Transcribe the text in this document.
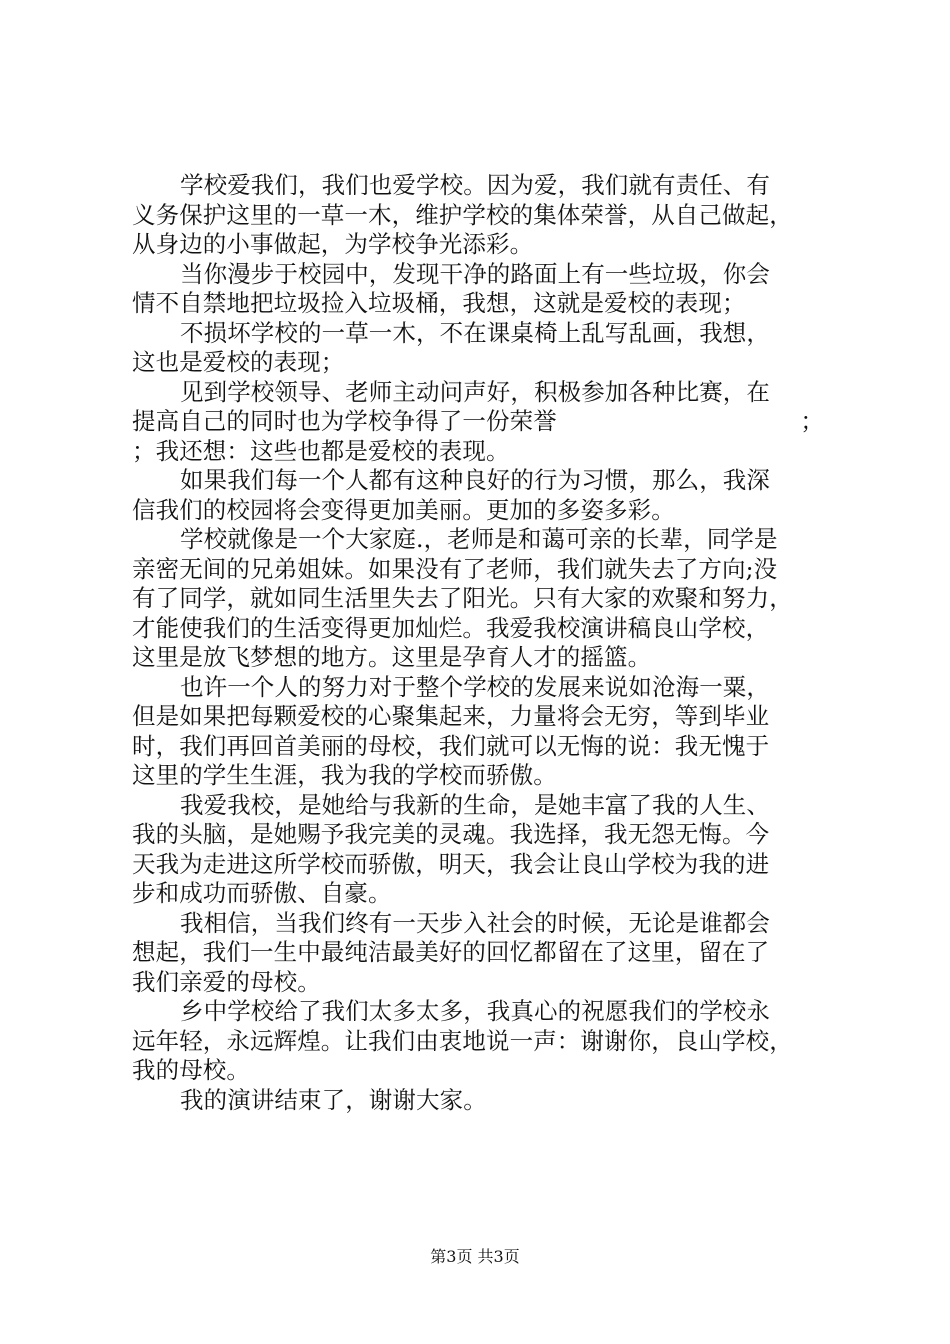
学校爱我们，我们也爱学校。因为爱，我们就有责任、有
义务保护这里的一草一木，维护学校的集体荣誉，从自己做起，
从身边的小事做起，为学校争光添彩。
当你漫步于校园中，发现干净的路面上有一些垃圾，你会
情不自禁地把垃圾捡入垃圾桶，我想，这就是爱校的表现；
不损坏学校的一草一木，不在课桌椅上乱写乱画，我想，
这也是爱校的表现；
见到学校领导、老师主动问声好，积极参加各种比赛，在
提高自己的同时也为学校争得了一份荣誉	；
；我还想：这些也都是爱校的表现。
如果我们每一个人都有这种良好的行为习惯，那么，我深
信我们的校园将会变得更加美丽。更加的多姿多彩。
学校就像是一个大家庭.，老师是和蔼可亲的长辈，同学是
亲密无间的兄弟姐妹。如果没有了老师，我们就失去了方向;没
有了同学，就如同生活里失去了阳光。只有大家的欢聚和努力，
才能使我们的生活变得更加灿烂。我爱我校演讲稿良山学校，
这里是放飞梦想的地方。这里是孕育人才的摇篮。
也许一个人的努力对于整个学校的发展来说如沧海一粟，
但是如果把每颗爱校的心聚集起来，力量将会无穷，等到毕业
时，我们再回首美丽的母校，我们就可以无悔的说：我无愧于
这里的学生生涯，我为我的学校而骄傲。
我爱我校，是她给与我新的生命，是她丰富了我的人生、
我的头脑，是她赐予我完美的灵魂。我选择，我无怨无悔。今
天我为走进这所学校而骄傲，明天，我会让良山学校为我的进
步和成功而骄傲、自豪。
我相信，当我们终有一天步入社会的时候，无论是谁都会
想起，我们一生中最纯洁最美好的回忆都留在了这里，留在了
我们亲爱的母校。
乡中学校给了我们太多太多，我真心的祝愿我们的学校永
远年轻，永远辉煌。让我们由衷地说一声：谢谢你，良山学校，
我的母校。
我的演讲结束了，谢谢大家。
第3页 共3页
